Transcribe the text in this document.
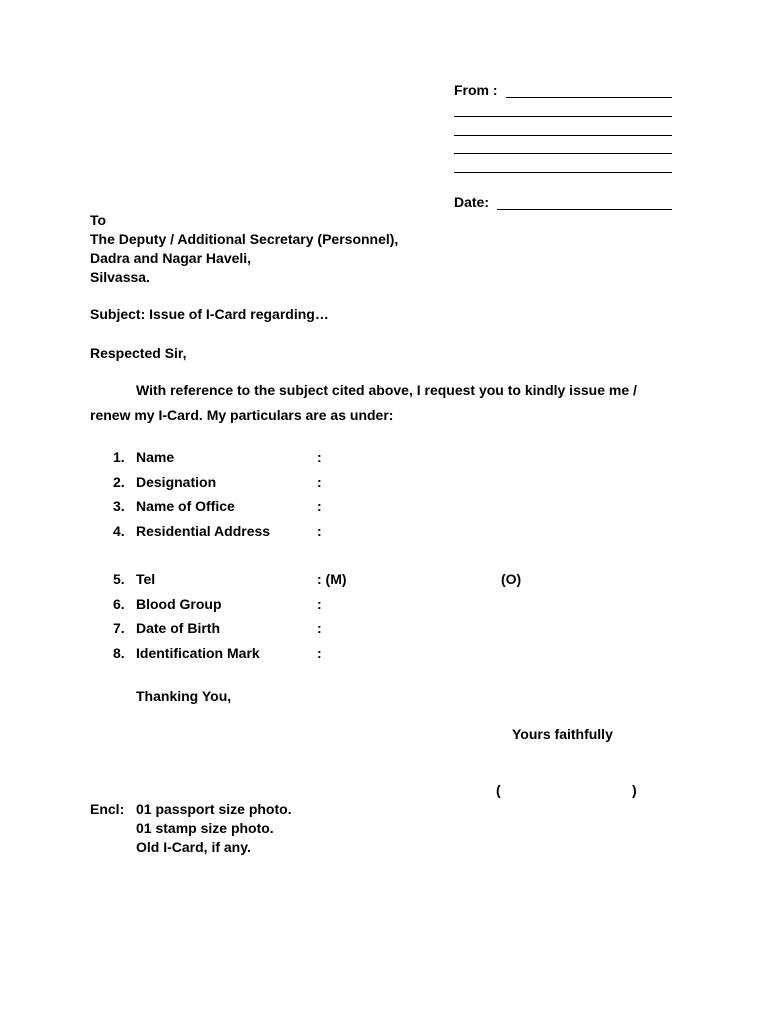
From :
Date:
To
The Deputy / Additional Secretary (Personnel),
Dadra and Nagar Haveli,
Silvassa.
Subject: Issue of I-Card regarding…
Respected Sir,
With reference to the subject cited above, I request you to kindly issue me /
renew my I-Card. My particulars are as under:
1. Name	:
2. Designation	:
3. Name of Office	:
4. Residential Address	:
5. Tel	: (M)	(O)
6. Blood Group	:
7. Date of Birth	:
8. Identification Mark	:
Thanking You,
Yours faithfully
(	)
Encl: 01 passport size photo.
01 stamp size photo.
Old I-Card, if any.
